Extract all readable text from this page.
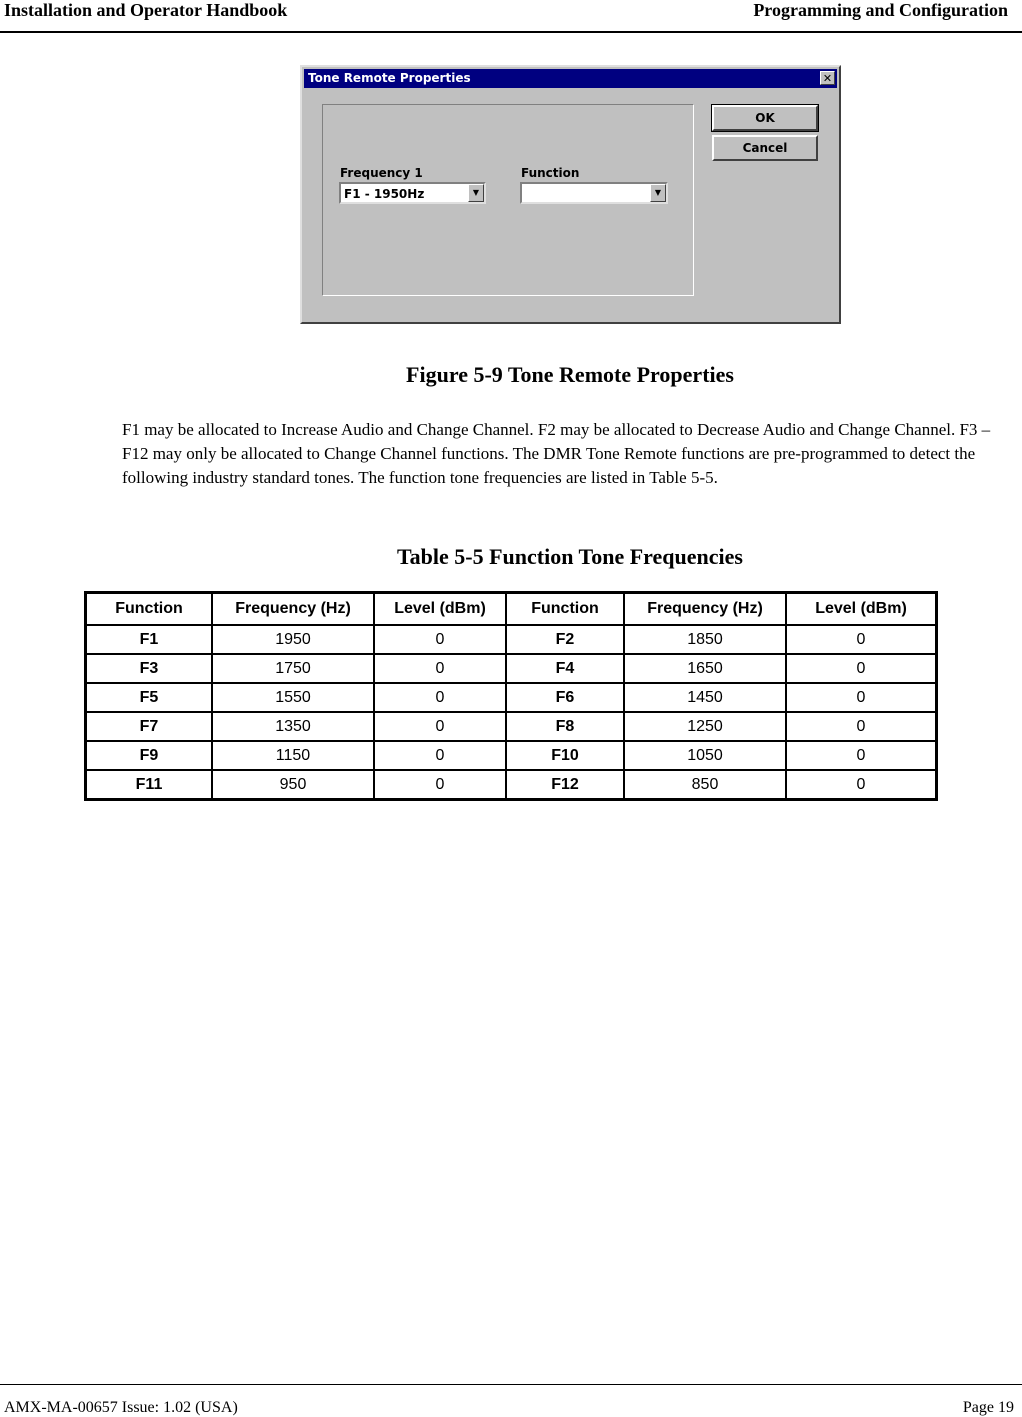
Installation and Operator Handbook	Programming and Configuration
Tone Remote Properties	✕
Frequency 1
F1 - 1950Hz	▼
Function
▼
OK
Cancel
Figure 5-9 Tone Remote Properties
F1 may be allocated to Increase Audio and Change Channel. F2 may be allocated to Decrease Audio and Change Channel. F3 – F12 may only be allocated to Change Channel functions. The DMR Tone Remote functions are pre-programmed to detect the following industry standard tones. The function tone frequencies are listed in Table 5-5.
Table 5-5 Function Tone Frequencies
Function	Frequency (Hz)	Level (dBm)	Function	Frequency (Hz)	Level (dBm)
F1	1950	0	F2	1850	0
F3	1750	0	F4	1650	0
F5	1550	0	F6	1450	0
F7	1350	0	F8	1250	0
F9	1150	0	F10	1050	0
F11	950	0	F12	850	0
AMX-MA-00657 Issue: 1.02 (USA)	Page 19
